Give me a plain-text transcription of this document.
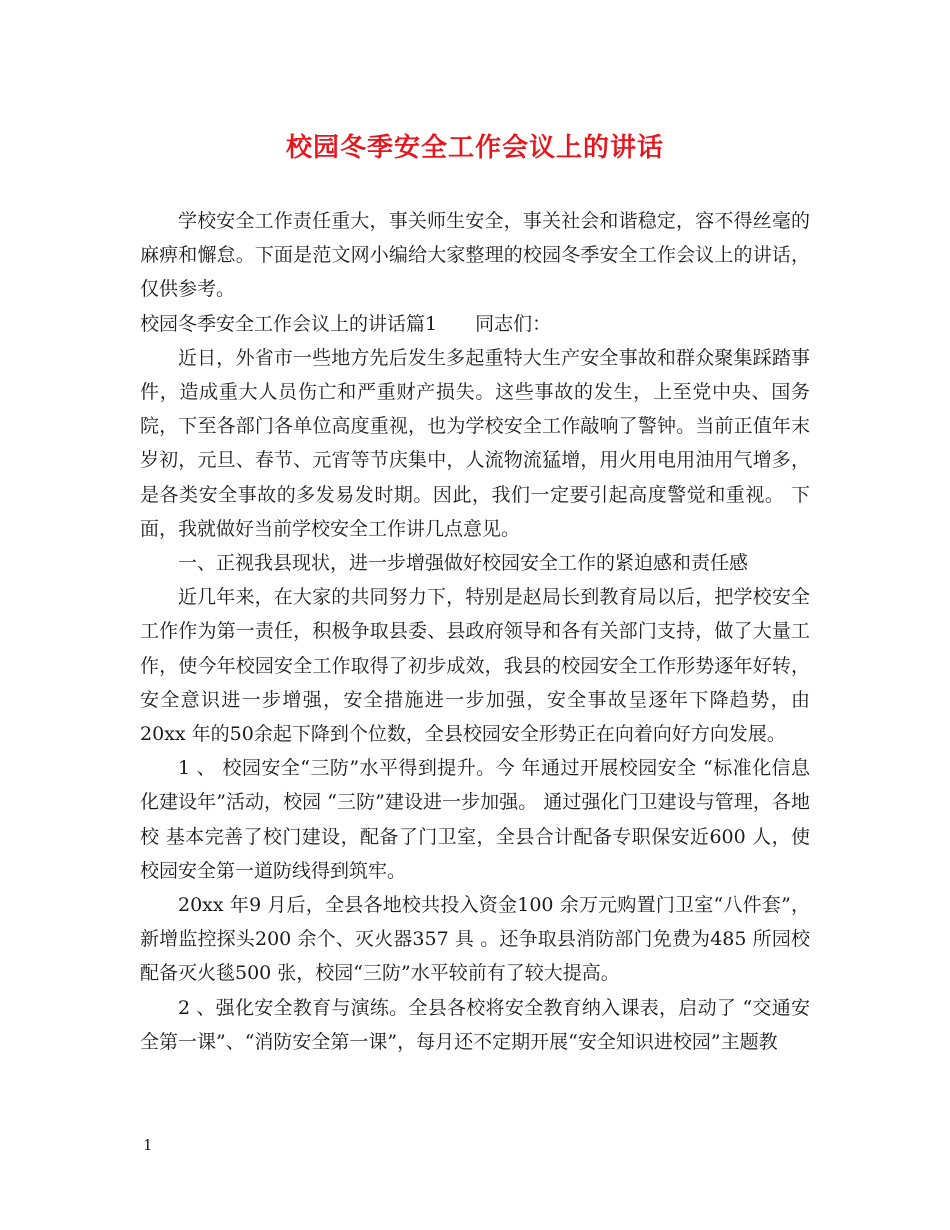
校园冬季安全工作会议上的讲话

学校安全工作责任重大，事关师生安全，事关社会和谐稳定，容不得丝毫的麻痹和懈怠。下面是范文网小编给大家整理的校园冬季安全工作会议上的讲话，仅供参考。

校园冬季安全工作会议上的讲话篇1　　同志们：

近日，外省市一些地方先后发生多起重特大生产安全事故和群众聚集踩踏事件，造成重大人员伤亡和严重财产损失。这些事故的发生，上至党中央、国务院，下至各部门各单位高度重视，也为学校安全工作敲响了警钟。当前正值年末岁初，元旦、春节、元宵等节庆集中，人流物流猛增，用火用电用油用气增多，是各类安全事故的多发易发时期。因此，我们一定要引起高度警觉和重视。 下面，我就做好当前学校安全工作讲几点意见。

一、正视我县现状，进一步增强做好校园安全工作的紧迫感和责任感

近几年来，在大家的共同努力下，特别是赵局长到教育局以后，把学校安全工作作为第一责任，积极争取县委、县政府领导和各有关部门支持，做了大量工作，使今年校园安全工作取得了初步成效，我县的校园安全工作形势逐年好转，安全意识进一步增强，安全措施进一步加强，安全事故呈逐年下降趋势，由20xx 年的50余起下降到个位数，全县校园安全形势正在向着向好方向发展。

1 、 校园安全“三防”水平得到提升。今 年通过开展校园安全 “标准化信息化建设年”活动，校园 “三防”建设进一步加强。 通过强化门卫建设与管理，各地校 基本完善了校门建设，配备了门卫室，全县合计配备专职保安近600 人，使校园安全第一道防线得到筑牢。

20xx 年9 月后，全县各地校共投入资金100 余万元购置门卫室“八件套”，新增监控探头200 余个、灭火器357 具 。还争取县消防部门免费为485 所园校配备灭火毯500 张，校园“三防”水平较前有了较大提高。

2 、强化安全教育与演练。全县各校将安全教育纳入课表，启动了 “交通安全第一课”、“消防安全第一课”，每月还不定期开展“安全知识进校园”主题教

1
